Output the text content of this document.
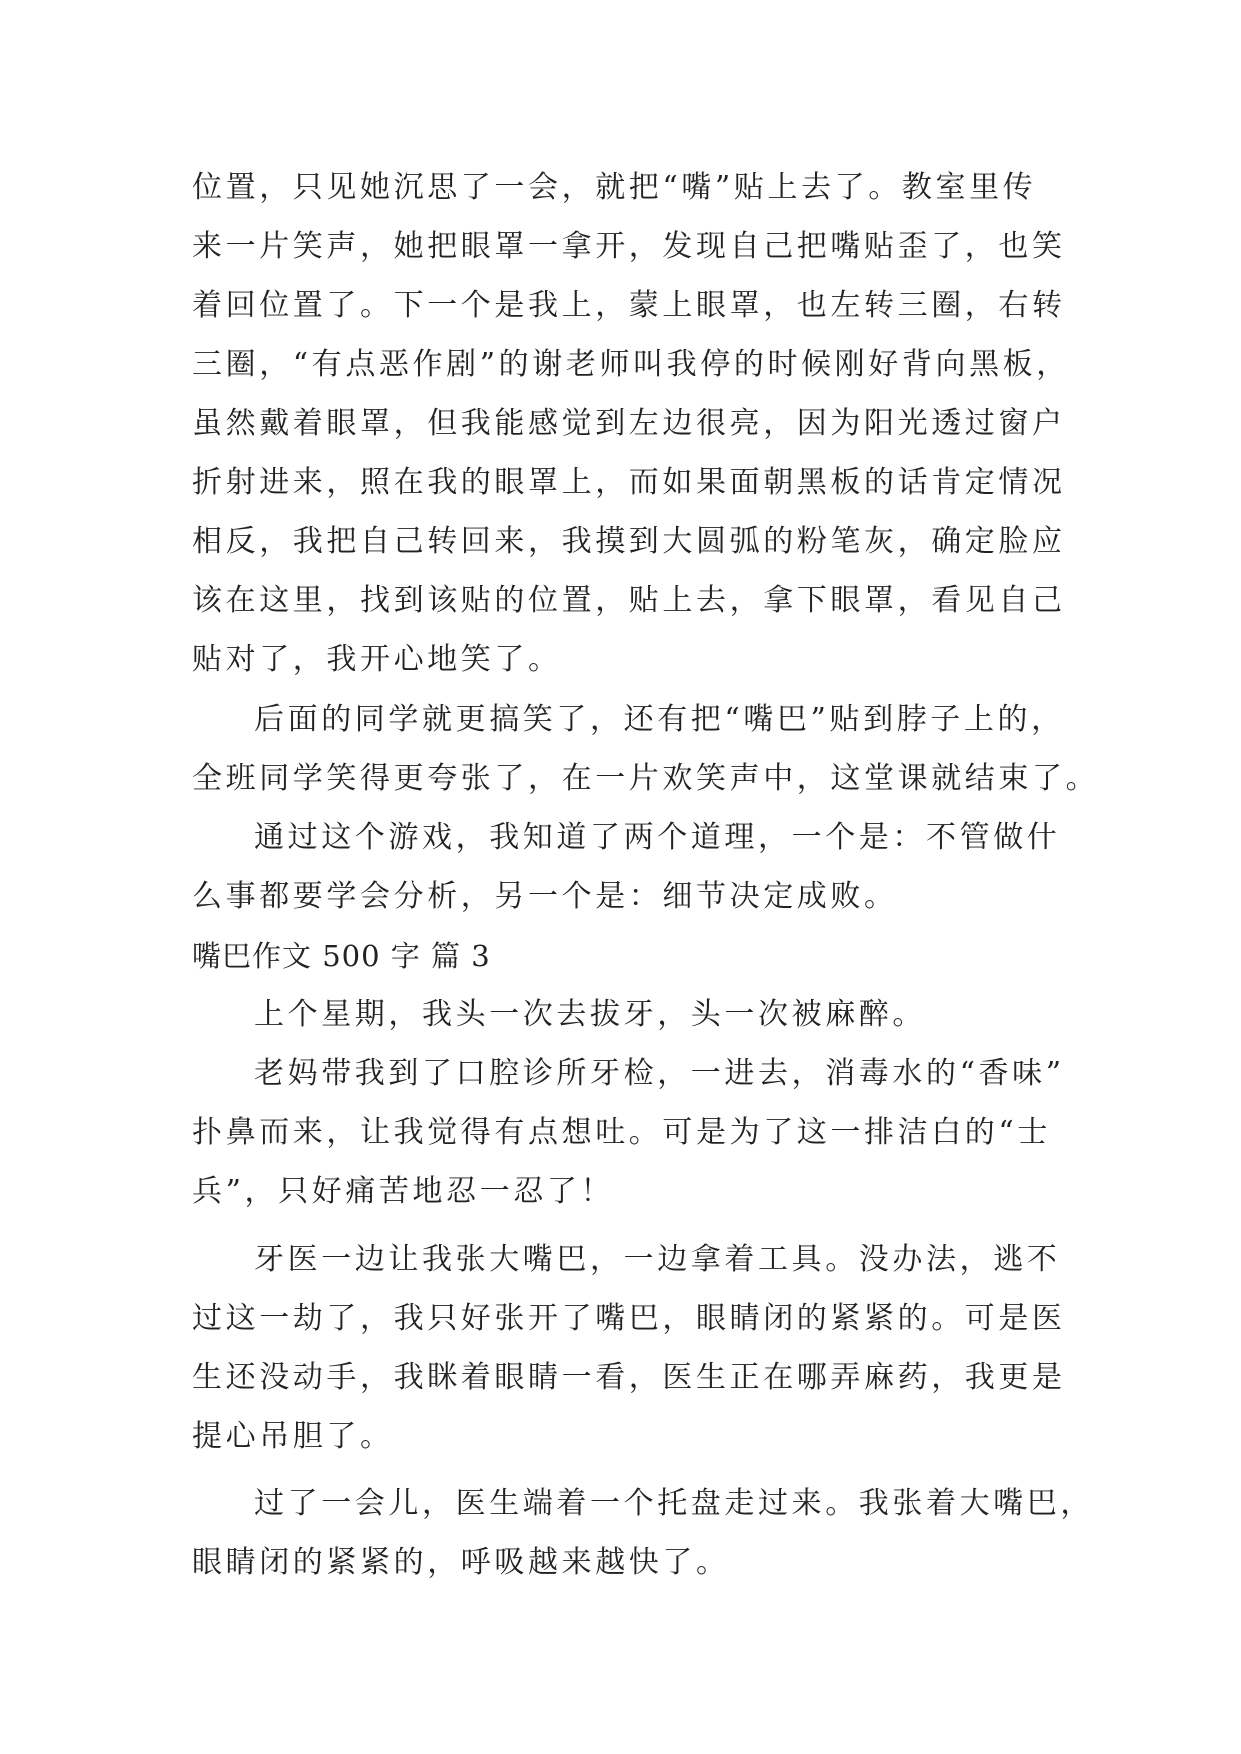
位置，只见她沉思了一会，就把“嘴”贴上去了。教室里传
来一片笑声，她把眼罩一拿开，发现自己把嘴贴歪了，也笑
着回位置了。下一个是我上，蒙上眼罩，也左转三圈，右转
三圈，“有点恶作剧”的谢老师叫我停的时候刚好背向黑板，
虽然戴着眼罩，但我能感觉到左边很亮，因为阳光透过窗户
折射进来，照在我的眼罩上，而如果面朝黑板的话肯定情况
相反，我把自己转回来，我摸到大圆弧的粉笔灰，确定脸应
该在这里，找到该贴的位置，贴上去，拿下眼罩，看见自己
贴对了，我开心地笑了。
后面的同学就更搞笑了，还有把“嘴巴”贴到脖子上的，
全班同学笑得更夸张了，在一片欢笑声中，这堂课就结束了。
通过这个游戏，我知道了两个道理，一个是：不管做什
么事都要学会分析，另一个是：细节决定成败。
嘴巴作文 500 字 篇 3
上个星期，我头一次去拔牙，头一次被麻醉。
老妈带我到了口腔诊所牙检，一进去，消毒水的“香味”
扑鼻而来，让我觉得有点想吐。可是为了这一排洁白的“士
兵”，只好痛苦地忍一忍了！
牙医一边让我张大嘴巴，一边拿着工具。没办法，逃不
过这一劫了，我只好张开了嘴巴，眼睛闭的紧紧的。可是医
生还没动手，我眯着眼睛一看，医生正在哪弄麻药，我更是
提心吊胆了。
过了一会儿，医生端着一个托盘走过来。我张着大嘴巴，
眼睛闭的紧紧的，呼吸越来越快了。
